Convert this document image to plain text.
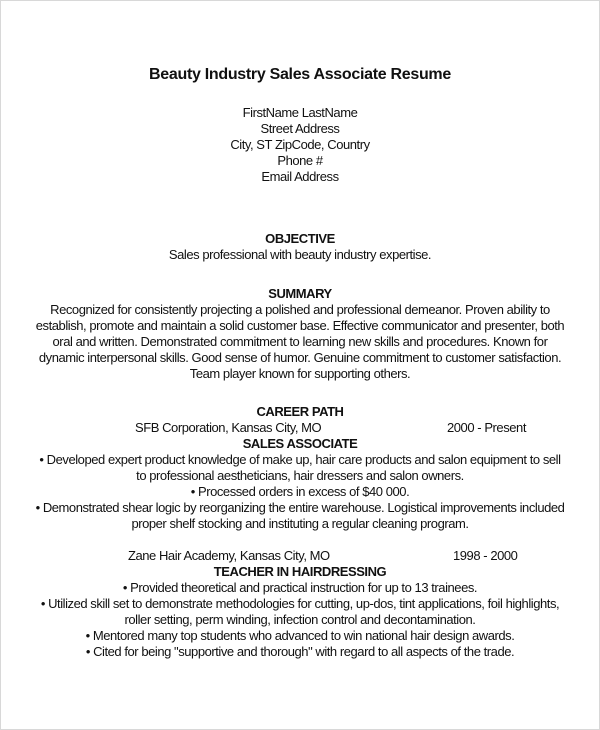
Beauty Industry Sales Associate Resume
FirstName LastName
Street Address
City, ST ZipCode, Country
Phone #
Email Address
OBJECTIVE
Sales professional with beauty industry expertise.
SUMMARY
Recognized for consistently projecting a polished and professional demeanor. Proven ability to establish, promote and maintain a solid customer base. Effective communicator and presenter, both oral and written. Demonstrated commitment to learning new skills and procedures. Known for dynamic interpersonal skills. Good sense of humor. Genuine commitment to customer satisfaction. Team player known for supporting others.
CAREER PATH
SFB Corporation, Kansas City, MO	2000 - Present
SALES ASSOCIATE
• Developed expert product knowledge of make up, hair care products and salon equipment to sell to professional aestheticians, hair dressers and salon owners.
• Processed orders in excess of $40 000.
• Demonstrated shear logic by reorganizing the entire warehouse. Logistical improvements included proper shelf stocking and instituting a regular cleaning program.
Zane Hair Academy, Kansas City, MO	1998 - 2000
TEACHER IN HAIRDRESSING
• Provided theoretical and practical instruction for up to 13 trainees.
• Utilized skill set to demonstrate methodologies for cutting, up-dos, tint applications, foil highlights, roller setting, perm winding, infection control and decontamination.
• Mentored many top students who advanced to win national hair design awards.
• Cited for being "supportive and thorough" with regard to all aspects of the trade.
